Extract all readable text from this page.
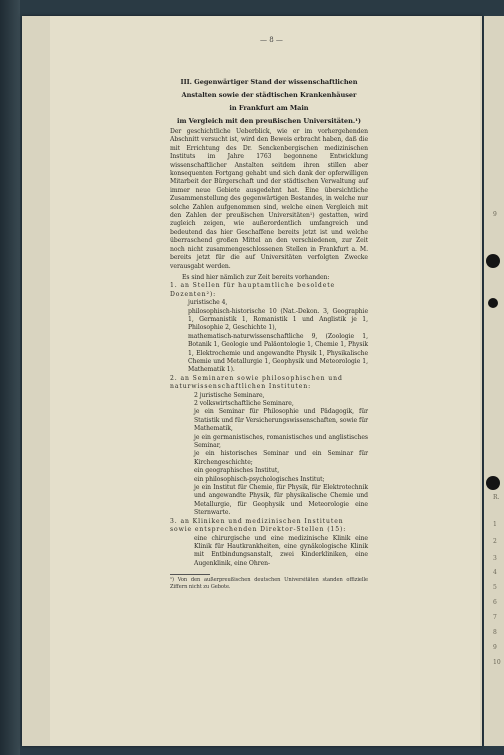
— 8 —
III. Gegenwärtiger Stand der wissenschaftlichen
Anstalten sowie der städtischen Krankenhäuser
in Frankfurt am Main
im Vergleich mit den preußischen Universitäten.¹)
Der geschichtliche Ueberblick, wie er im vorhergehenden Abschnitt versucht ist, wird den Beweis erbracht haben, daß die mit Errichtung des Dr. Senckenbergischen medizinischen Instituts im Jahre 1763 begonnene Entwicklung wissenschaftlicher Anstalten seitdem ihren stillen aber konsequenten Fortgang gehabt und sich dank der opferwilligen Mitarbeit der Bürgerschaft und der städtischen Verwaltung auf immer neue Gebiete ausgedehnt hat. Eine übersichtliche Zusammenstellung des gegenwärtigen Bestandes, in welche nur solche Zahlen aufgenommen sind, welche einen Vergleich mit den Zahlen der preußischen Universitäten¹) gestatten, wird zugleich zeigen, wie außerordentlich umfangreich und bedeutend das hier Geschaffene bereits jetzt ist und welche überraschend großen Mittel an den verschiedenen, zur Zeit noch nicht zusammengeschlossenen Stellen in Frankfurt a. M. bereits jetzt für die auf Universitäten verfolgten Zwecke verausgabt werden.
Es sind hier nämlich zur Zeit bereits vorhanden:
1. an Stellen für hauptamtliche besoldete Dozenten²):
juristische 4,
philosophisch-historische 10 (Nat.-Dekon. 3, Geographie 1, Germanistik 1, Romanistik 1 und Anglistik je 1, Philosophie 2, Geschichte 1),
mathematisch-naturwissenschaftliche 9, (Zoologie 1, Botanik 1, Geologie und Paläontologie 1, Chemie 1, Physik 1, Elektrochemie und angewandte Physik 1, Physikalische Chemie und Metallurgie 1, Geophysik und Meteorologie 1, Mathematik 1).
2. an Seminaren sowie philosophischen und naturwissenschaftlichen Instituten:
2 juristische Seminare,
2 volkswirtschaftliche Seminare,
je ein Seminar für Philosophie und Pädagogik, für Statistik und für Versicherungswissenschaften, sowie für Mathematik,
je ein germanistisches, romanistisches und anglistisches Seminar,
je ein historisches Seminar und ein Seminar für Kirchengeschichte;
ein geographisches Institut,
ein philosophisch-psychologisches Institut;
je ein Institut für Chemie, für Physik, für Elektrotechnik und angewandte Physik, für physikalische Chemie und Metallurgie, für Geophysik und Meteorologie eine Sternwarte.
3. an Kliniken und medizinischen Instituten sowie entsprechenden Direktor-Stellen (15):
eine chirurgische und eine medizinische Klinik eine Klinik für Hautkrankheiten, eine gynäkologische Klinik mit Entbindungsanstalt, zwei Kinderkliniken, eine Augenklinik, eine Ohren-
¹) Von den außerpreußischen deutschen Universitäten standen offizielle Ziffern nicht zu Gebote.
9
R.
1
2
3
4
5
6
7
8
9
10
